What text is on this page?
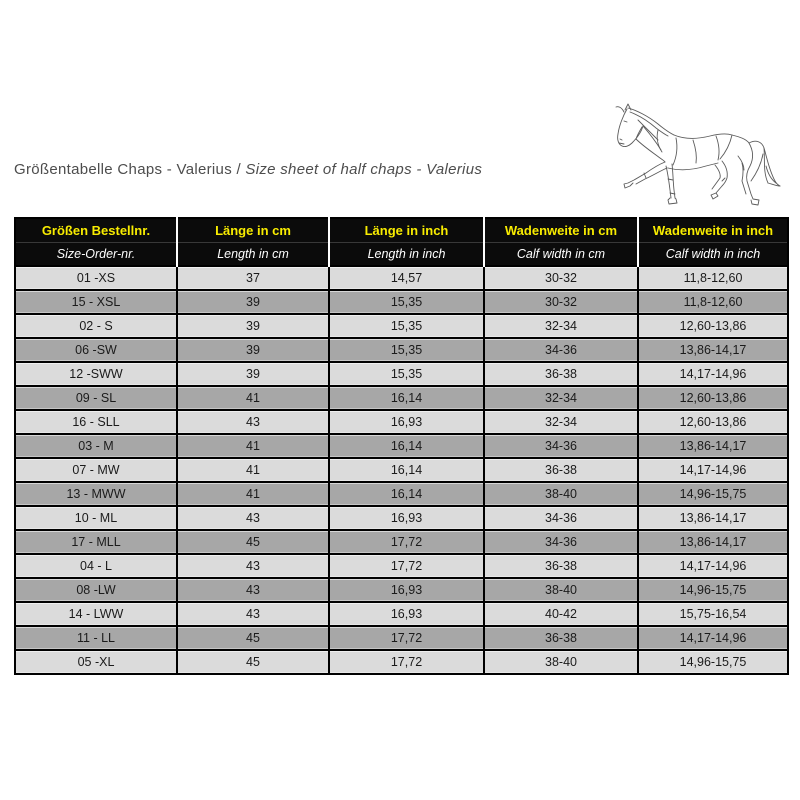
Größentabelle Chaps - Valerius / Size sheet of half chaps - Valerius
Größen Bestellnr.	Länge in cm	Länge in inch	Wadenweite in cm	Wadenweite in inch
Size-Order-nr.	Length in cm	Length in inch	Calf width in cm	Calf width in inch
01 -XS	37	14,57	30-32	11,8-12,60
15 - XSL	39	15,35	30-32	11,8-12,60
02 - S	39	15,35	32-34	12,60-13,86
06 -SW	39	15,35	34-36	13,86-14,17
12 -SWW	39	15,35	36-38	14,17-14,96
09 - SL	41	16,14	32-34	12,60-13,86
16 - SLL	43	16,93	32-34	12,60-13,86
03 - M	41	16,14	34-36	13,86-14,17
07 - MW	41	16,14	36-38	14,17-14,96
13 - MWW	41	16,14	38-40	14,96-15,75
10 - ML	43	16,93	34-36	13,86-14,17
17 - MLL	45	17,72	34-36	13,86-14,17
04 - L	43	17,72	36-38	14,17-14,96
08 -LW	43	16,93	38-40	14,96-15,75
14 - LWW	43	16,93	40-42	15,75-16,54
11 - LL	45	17,72	36-38	14,17-14,96
05 -XL	45	17,72	38-40	14,96-15,75
